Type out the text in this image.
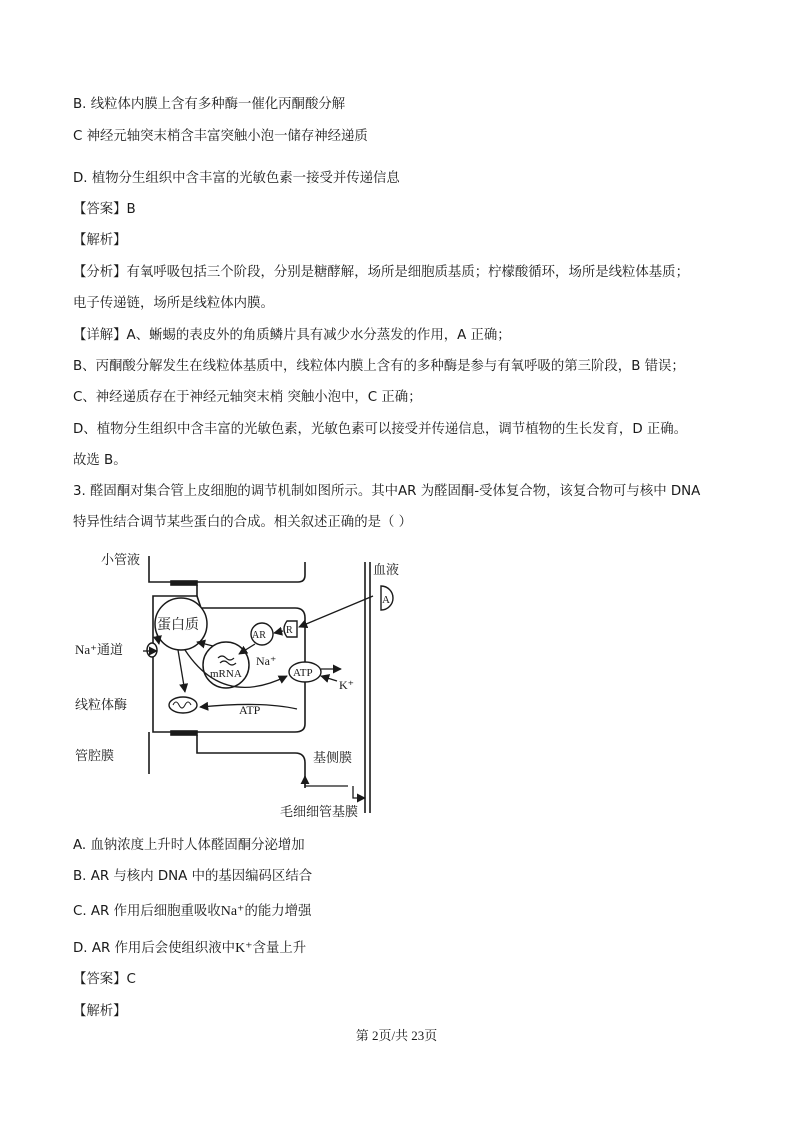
B. 线粒体内膜上含有多种酶一催化丙酮酸分解
C 神经元轴突末梢含丰富突触小泡一储存神经递质
D. 植物分生组织中含丰富的光敏色素一接受并传递信息
【答案】B
【解析】
【分析】有氧呼吸包括三个阶段，分别是糖酵解，场所是细胞质基质；柠檬酸循环，场所是线粒体基质；
电子传递链，场所是线粒体内膜。
【详解】A、蜥蜴的表皮外的角质鳞片具有减少水分蒸发的作用，A 正确；
B、丙酮酸分解发生在线粒体基质中，线粒体内膜上含有的多种酶是参与有氧呼吸的第三阶段，B 错误；
C、神经递质存在于神经元轴突末梢 突触小泡中，C 正确；
D、植物分生组织中含丰富的光敏色素，光敏色素可以接受并传递信息，调节植物的生长发育，D 正确。
故选 B。
3. 醛固酮对集合管上皮细胞的调节机制如图所示。其中AR 为醛固酮-受体复合物，该复合物可与核中 DNA
特异性结合调节某些蛋白的合成。相关叙述正确的是（ ）
小管液
血液
A
蛋白质
AR R
mRNA
Na⁺
ATP
K⁺
Na⁺通道
线粒体酶	ATP
管腔膜	基侧膜
毛细细管基膜
A. 血钠浓度上升时人体醛固酮分泌增加
B. AR 与核内 DNA 中的基因编码区结合
C. AR 作用后细胞重吸收Na⁺的能力增强
D. AR 作用后会使组织液中K⁺含量上升
【答案】C
【解析】
第 2页/共 23页
